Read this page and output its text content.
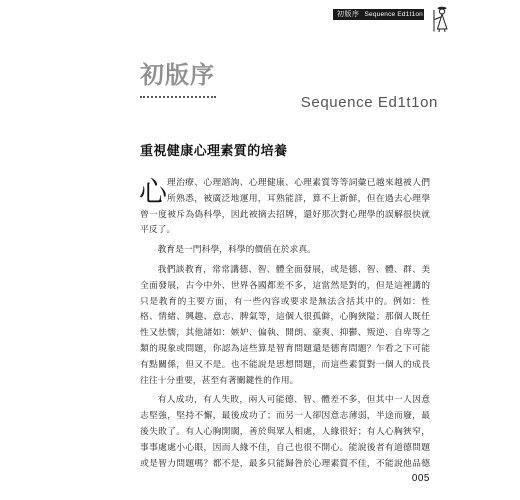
初版序 Sequence Ed1t1on
初版序
Sequence Ed1t1on
重視健康心理素質的培養
心 理治療、心理諮詢、心理健康、心理素質等等詞彙已越來越被人們
所熟悉，被廣泛地運用，耳熟能詳，算不上新鮮，但在過去心理學
曾一度被斥為偽科學，因此被摘去招牌，還好那次對心理學的誤解很快就
平反了。
教育是一門科學，科學的價值在於求真。
我們談教育，常常講德、智、體全面發展，或是德、智、體、群、美
全面發展，古今中外、世界各國都差不多，這當然是對的，但是這裡講的
只是教育的主要方面，有一些內容或要求是無法含括其中的。例如：性
格、情緒、興趣、意志、脾氣等，這個人很孤僻，心胸狹隘；那個人既任
性又怯懦，其他諸如：嫉妒、偏執、開朗、豪爽、抑鬱、叛逆、自卑等之
類的現象或問題，你認為這些算是智育問題還是德育問題？乍看之下可能
有點關係，但又不是。也不能說是思想問題，而這些素質對一個人的成長
往往十分重要，甚至有著關鍵性的作用。
有人成功，有人失敗，兩人可能德、智、體差不多，但其中一人因意
志堅強，堅持不懈，最後成功了；而另一人卻因意志薄弱，半途而廢，最
後失敗了。有人心胸開闊，善於與眾人相處，人緣很好；有人心胸狹窄，
事事處處小心眼，因而人緣不佳，自己也很不開心。能說後者有道德問題
或是智力問題嗎？都不是，最多只能歸咎於心理素質不佳，不能說他品德
005
